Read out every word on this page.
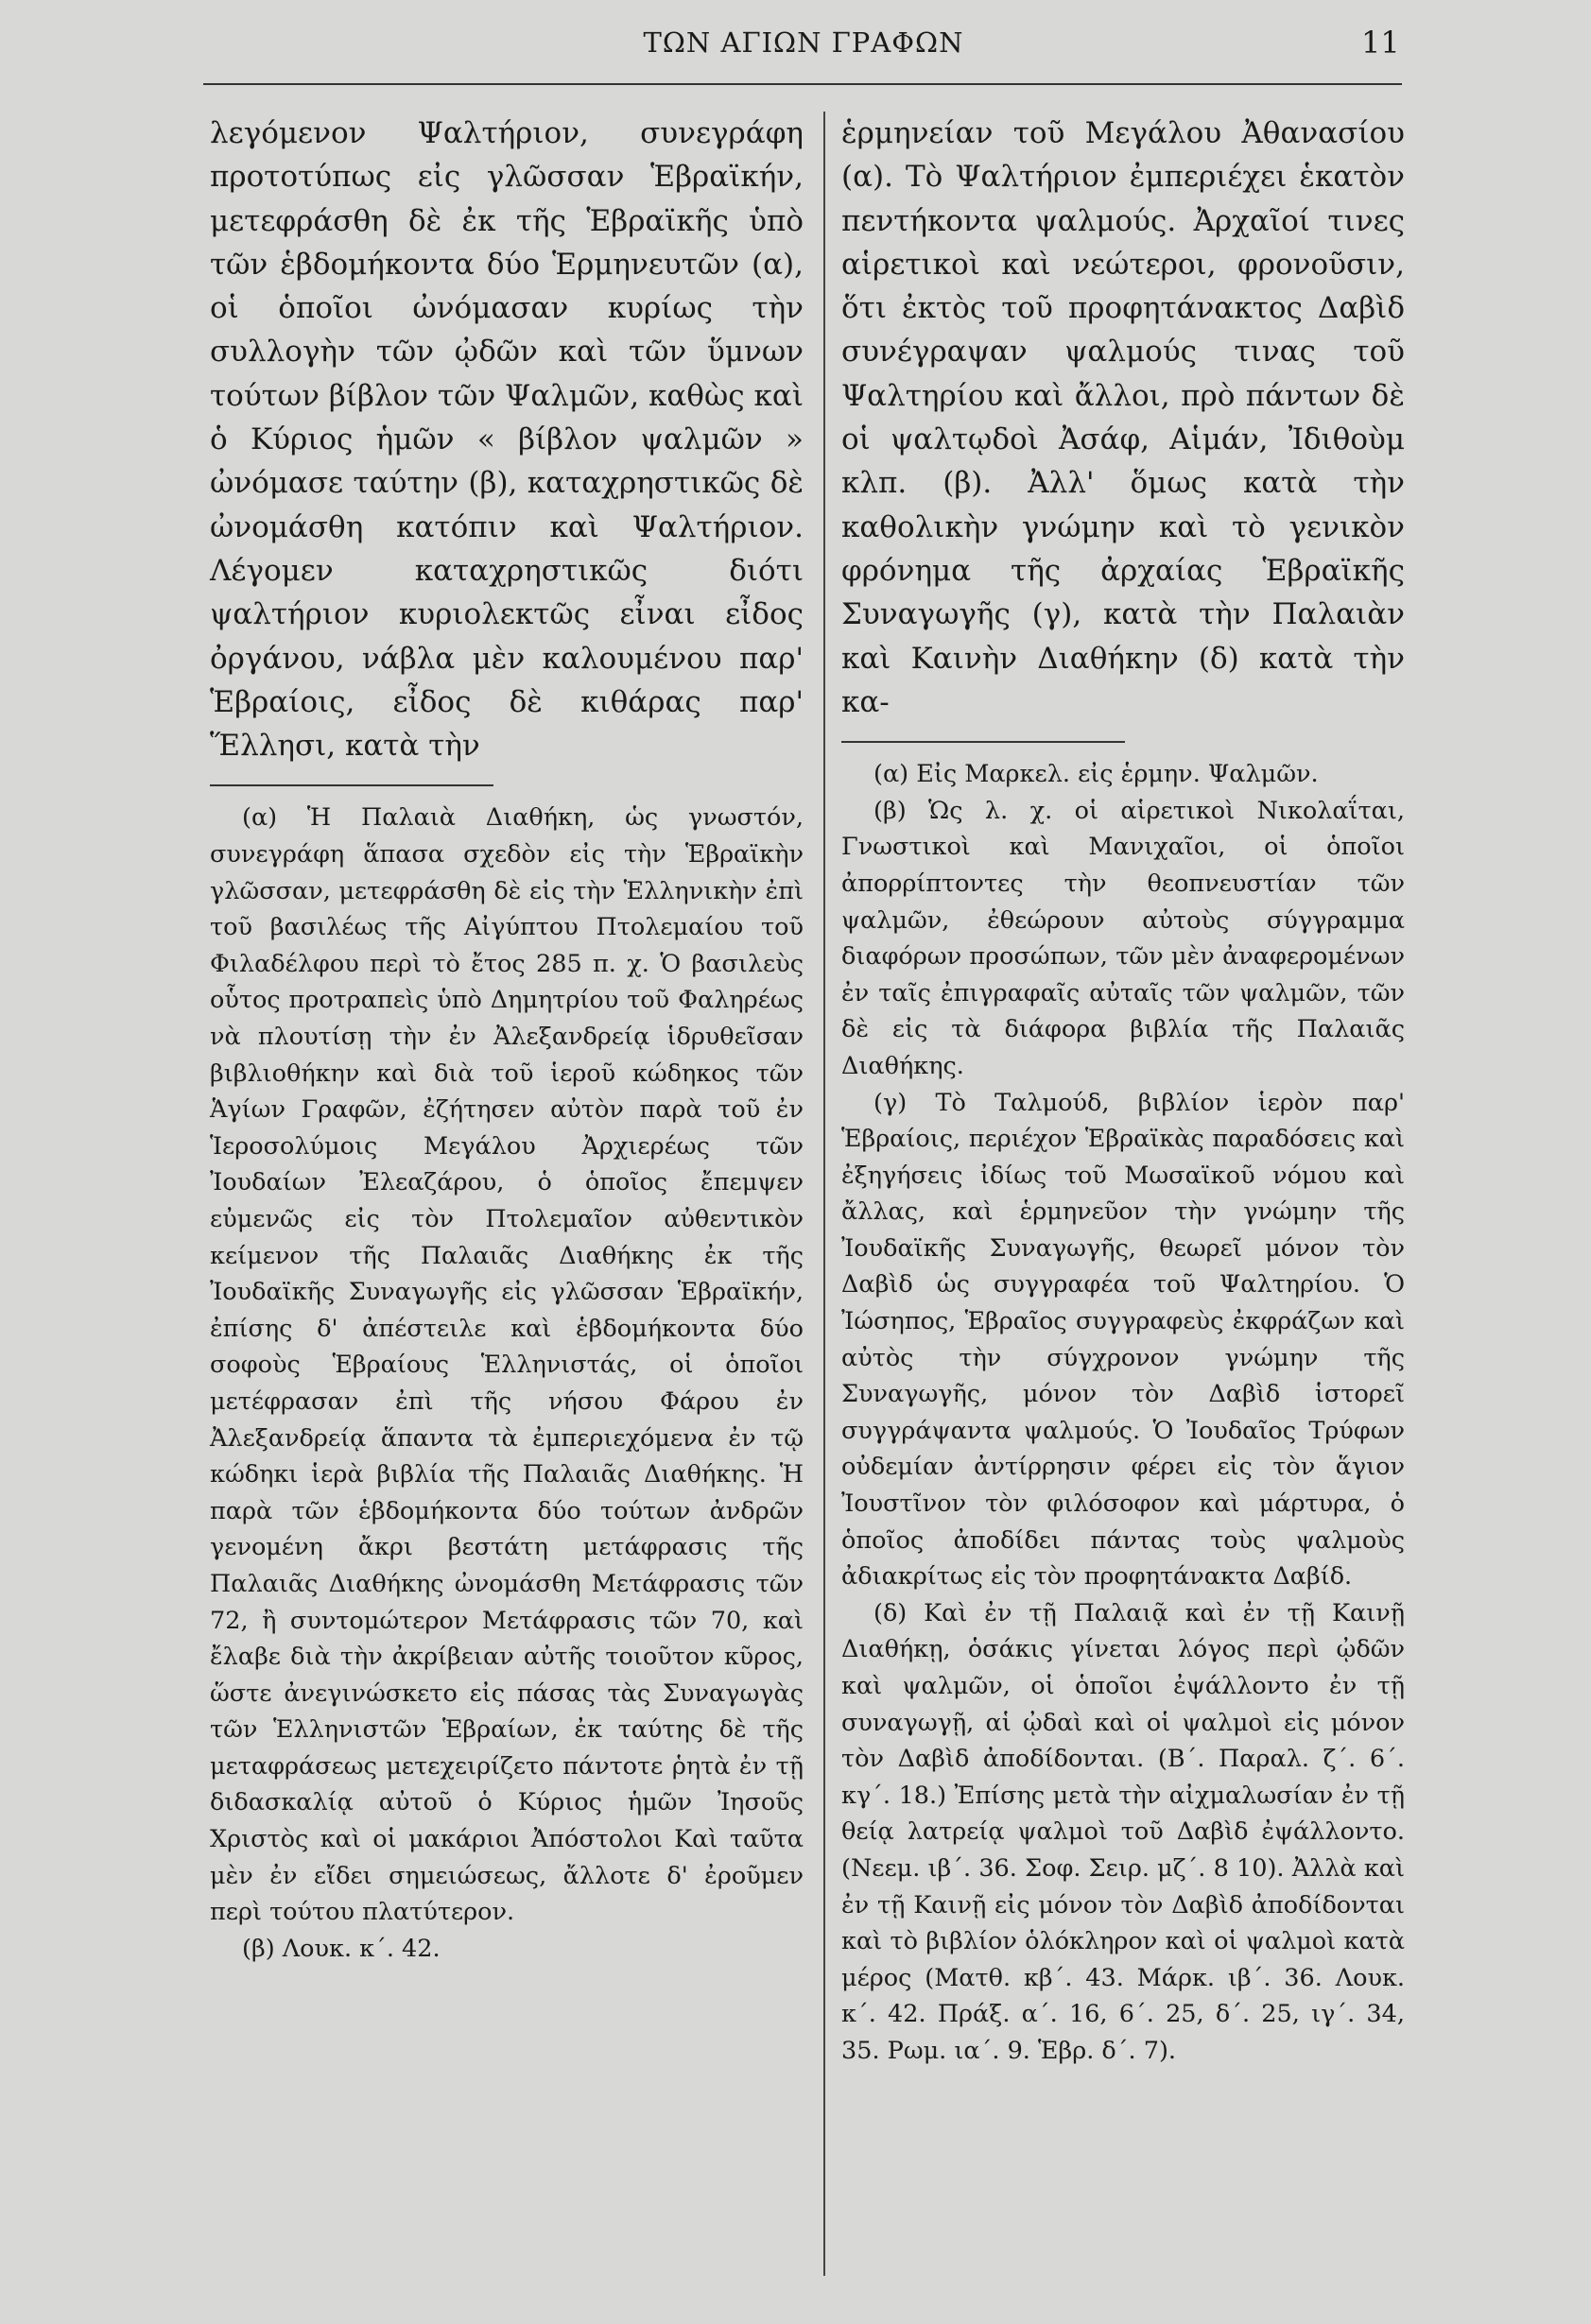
ΤΩΝ ΑΓΙΩΝ ΓΡΑΦΩΝ	11

λεγόμενον Ψαλτήριον, συνεγράφη προτοτύπως εἰς γλῶσσαν Ἑβραϊκήν, μετεφράσθη δὲ ἐκ τῆς Ἑβραϊκῆς ὑπὸ τῶν ἑβδομήκοντα δύο Ἑρμηνευτῶν (α), οἱ ὁποῖοι ὠνόμασαν κυρίως τὴν συλλογὴν τῶν ᾠδῶν καὶ τῶν ὕμνων τούτων βίβλον τῶν Ψαλμῶν, καθὼς καὶ ὁ Κύριος ἡμῶν « βίβλον ψαλμῶν » ὠνόμασε ταύτην (β), καταχρηστικῶς δὲ ὠνομάσθη κατόπιν καὶ Ψαλτήριον. Λέγομεν καταχρηστικῶς διότι ψαλτήριον κυριολεκτῶς εἶναι εἶδος ὀργάνου, νάβλα μὲν καλουμένου παρ' Ἑβραίοις, εἶδος δὲ κιθάρας παρ' Ἕλλησι, κατὰ τὴν

(α) Ἡ Παλαιὰ Διαθήκη, ὡς γνωστόν, συνεγράφη ἅπασα σχεδὸν εἰς τὴν Ἑβραϊκὴν γλῶσσαν, μετεφράσθη δὲ εἰς τὴν Ἑλληνικὴν ἐπὶ τοῦ βασιλέως τῆς Αἰγύπτου Πτολεμαίου τοῦ Φιλαδέλφου περὶ τὸ ἔτος 285 π. χ. Ὁ βασιλεὺς οὗτος προτραπεὶς ὑπὸ Δημητρίου τοῦ Φαληρέως νὰ πλουτίσῃ τὴν ἐν Ἀλεξανδρείᾳ ἱδρυθεῖσαν βιβλιοθήκην καὶ διὰ τοῦ ἱεροῦ κώδηκος τῶν Ἁγίων Γραφῶν, ἐζήτησεν αὐτὸν παρὰ τοῦ ἐν Ἱεροσολύμοις Μεγάλου Ἀρχιερέως τῶν Ἰουδαίων Ἐλεαζάρου, ὁ ὁποῖος ἔπεμψεν εὐμενῶς εἰς τὸν Πτολεμαῖον αὐθεντικὸν κείμενον τῆς Παλαιᾶς Διαθήκης ἐκ τῆς Ἰουδαϊκῆς Συναγωγῆς εἰς γλῶσσαν Ἑβραϊκήν, ἐπίσης δ' ἀπέστειλε καὶ ἑβδομήκοντα δύο σοφοὺς Ἑβραίους Ἑλληνιστάς, οἱ ὁποῖοι μετέφρασαν ἐπὶ τῆς νήσου Φάρου ἐν Ἀλεξανδρείᾳ ἅπαντα τὰ ἐμπεριεχόμενα ἐν τῷ κώδηκι ἱερὰ βιβλία τῆς Παλαιᾶς Διαθήκης. Ἡ παρὰ τῶν ἑβδομήκοντα δύο τούτων ἀνδρῶν γενομένη ἄκρι βεστάτη μετάφρασις τῆς Παλαιᾶς Διαθήκης ὠνομάσθη Μετάφρασις τῶν 72, ἢ συντομώτερον Μετάφρασις τῶν 70, καὶ ἔλαβε διὰ τὴν ἀκρίβειαν αὐτῆς τοιοῦτον κῦρος, ὥστε ἀνεγινώσκετο εἰς πάσας τὰς Συναγωγὰς τῶν Ἑλληνιστῶν Ἑβραίων, ἐκ ταύτης δὲ τῆς μεταφράσεως μετεχειρίζετο πάντοτε ῥητὰ ἐν τῇ διδασκαλίᾳ αὐτοῦ ὁ Κύριος ἡμῶν Ἰησοῦς Χριστὸς καὶ οἱ μακάριοι Ἀπόστολοι Καὶ ταῦτα μὲν ἐν εἴδει σημειώσεως, ἄλλοτε δ' ἐροῦμεν περὶ τούτου πλατύτερον.

(β) Λουκ. κ΄. 42.

ἑρμηνείαν τοῦ Μεγάλου Ἀθανασίου (α). Τὸ Ψαλτήριον ἐμπεριέχει ἑκατὸν πεντήκοντα ψαλμούς. Ἀρχαῖοί τινες αἱρετικοὶ καὶ νεώτεροι, φρονοῦσιν, ὅτι ἐκτὸς τοῦ προφητάνακτος Δαβὶδ συνέγραψαν ψαλμούς τινας τοῦ Ψαλτηρίου καὶ ἄλλοι, πρὸ πάντων δὲ οἱ ψαλτῳδοὶ Ἀσάφ, Αἱμάν, Ἰδιθοὺμ κλπ. (β). Ἀλλ' ὅμως κατὰ τὴν καθολικὴν γνώμην καὶ τὸ γενικὸν φρόνημα τῆς ἀρχαίας Ἑβραϊκῆς Συναγωγῆς (γ), κατὰ τὴν Παλαιὰν καὶ Καινὴν Διαθήκην (δ) κατὰ τὴν κα-

(α) Εἰς Μαρκελ. εἰς ἑρμην. Ψαλμῶν.

(β) Ὡς λ. χ. οἱ αἱρετικοὶ Νικολαΐται, Γνωστικοὶ καὶ Μανιχαῖοι, οἱ ὁποῖοι ἀπορρίπτοντες τὴν θεοπνευστίαν τῶν ψαλμῶν, ἐθεώρουν αὐτοὺς σύγγραμμα διαφόρων προσώπων, τῶν μὲν ἀναφερομένων ἐν ταῖς ἐπιγραφαῖς αὐταῖς τῶν ψαλμῶν, τῶν δὲ εἰς τὰ διάφορα βιβλία τῆς Παλαιᾶς Διαθήκης.

(γ) Τὸ Ταλμούδ, βιβλίον ἱερὸν παρ' Ἑβραίοις, περιέχον Ἑβραϊκὰς παραδόσεις καὶ ἐξηγήσεις ἰδίως τοῦ Μωσαϊκοῦ νόμου καὶ ἄλλας, καὶ ἑρμηνεῦον τὴν γνώμην τῆς Ἰουδαϊκῆς Συναγωγῆς, θεωρεῖ μόνον τὸν Δαβὶδ ὡς συγγραφέα τοῦ Ψαλτηρίου. Ὁ Ἰώσηπος, Ἑβραῖος συγγραφεὺς ἐκφράζων καὶ αὐτὸς τὴν σύγχρονον γνώμην τῆς Συναγωγῆς, μόνον τὸν Δαβὶδ ἱστορεῖ συγγράψαντα ψαλμούς. Ὁ Ἰουδαῖος Τρύφων οὐδεμίαν ἀντίρρησιν φέρει εἰς τὸν ἅγιον Ἰουστῖνον τὸν φιλόσοφον καὶ μάρτυρα, ὁ ὁποῖος ἀποδίδει πάντας τοὺς ψαλμοὺς ἀδιακρίτως εἰς τὸν προφητάνακτα Δαβίδ.

(δ) Καὶ ἐν τῇ Παλαιᾷ καὶ ἐν τῇ Καινῇ Διαθήκῃ, ὁσάκις γίνεται λόγος περὶ ᾠδῶν καὶ ψαλμῶν, οἱ ὁποῖοι ἐψάλλοντο ἐν τῇ συναγωγῇ, αἱ ᾠδαὶ καὶ οἱ ψαλμοὶ εἰς μόνον τὸν Δαβὶδ ἀποδίδονται. (Β΄. Παραλ. ζ΄. 6΄. κγ΄. 18.) Ἐπίσης μετὰ τὴν αἰχμαλωσίαν ἐν τῇ θείᾳ λατρείᾳ ψαλμοὶ τοῦ Δαβὶδ ἐψάλλοντο. (Νεεμ. ιβ΄. 36. Σοφ. Σειρ. μζ΄. 8 10). Ἀλλὰ καὶ ἐν τῇ Καινῇ εἰς μόνον τὸν Δαβὶδ ἀποδίδονται καὶ τὸ βιβλίον ὁλόκληρον καὶ οἱ ψαλμοὶ κατὰ μέρος (Ματθ. κβ΄. 43. Μάρκ. ιβ΄. 36. Λουκ. κ΄. 42. Πράξ. α΄. 16, 6΄. 25, δ΄. 25, ιγ΄. 34, 35. Ρωμ. ια΄. 9. Ἑβρ. δ΄. 7).
